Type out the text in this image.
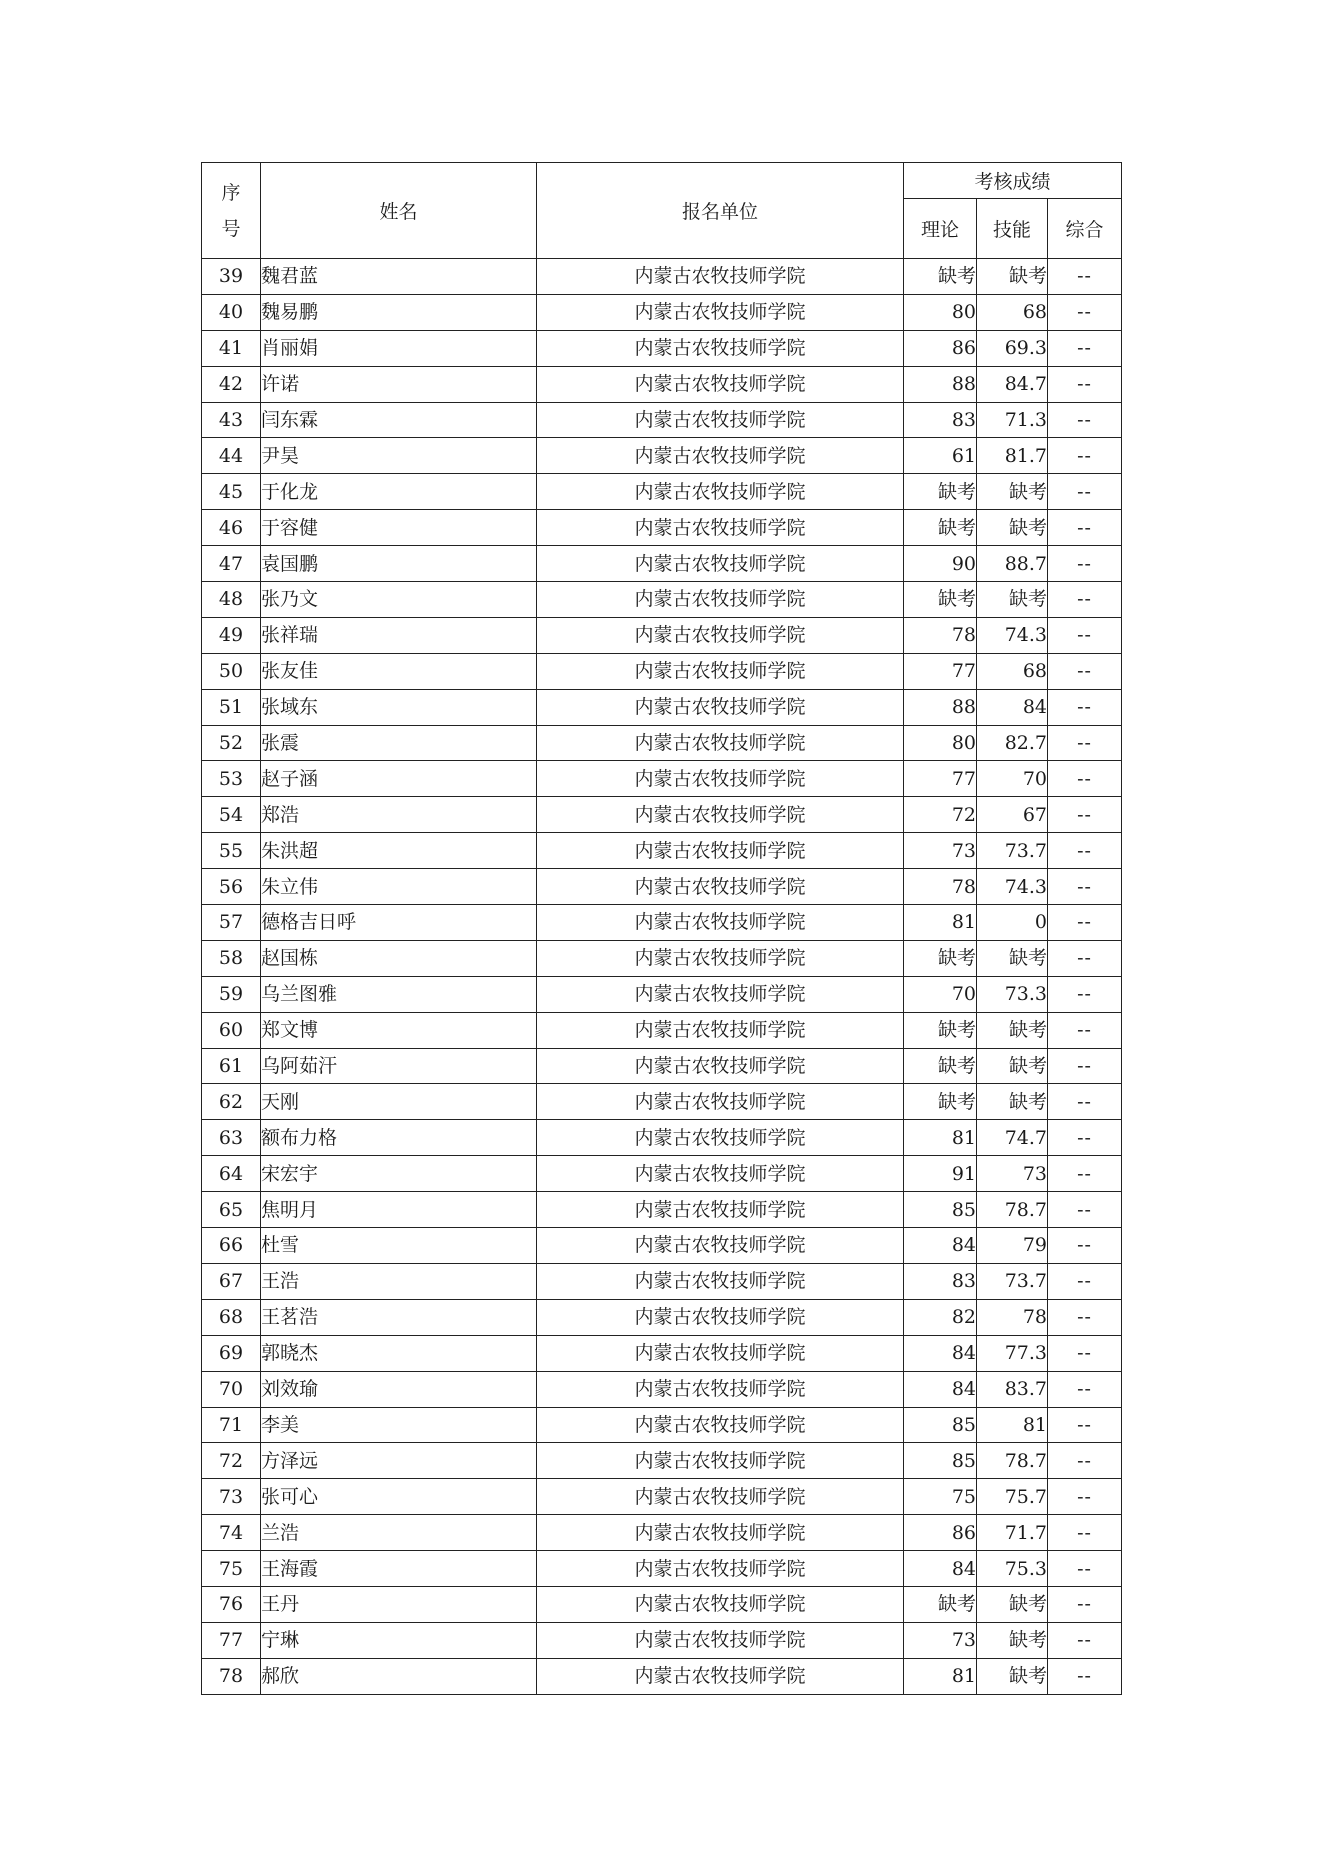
序
号	姓名	报名单位	考核成绩		
			理论	技能	综合
39	魏君蓝	内蒙古农牧技师学院	缺考	缺考	--
40	魏易鹏	内蒙古农牧技师学院	80	68	--
41	肖丽娟	内蒙古农牧技师学院	86	69.3	--
42	许诺	内蒙古农牧技师学院	88	84.7	--
43	闫东霖	内蒙古农牧技师学院	83	71.3	--
44	尹昊	内蒙古农牧技师学院	61	81.7	--
45	于化龙	内蒙古农牧技师学院	缺考	缺考	--
46	于容健	内蒙古农牧技师学院	缺考	缺考	--
47	袁国鹏	内蒙古农牧技师学院	90	88.7	--
48	张乃文	内蒙古农牧技师学院	缺考	缺考	--
49	张祥瑞	内蒙古农牧技师学院	78	74.3	--
50	张友佳	内蒙古农牧技师学院	77	68	--
51	张域东	内蒙古农牧技师学院	88	84	--
52	张震	内蒙古农牧技师学院	80	82.7	--
53	赵子涵	内蒙古农牧技师学院	77	70	--
54	郑浩	内蒙古农牧技师学院	72	67	--
55	朱洪超	内蒙古农牧技师学院	73	73.7	--
56	朱立伟	内蒙古农牧技师学院	78	74.3	--
57	德格吉日呼	内蒙古农牧技师学院	81	0	--
58	赵国栋	内蒙古农牧技师学院	缺考	缺考	--
59	乌兰图雅	内蒙古农牧技师学院	70	73.3	--
60	郑文博	内蒙古农牧技师学院	缺考	缺考	--
61	乌阿茹汗	内蒙古农牧技师学院	缺考	缺考	--
62	天刚	内蒙古农牧技师学院	缺考	缺考	--
63	额布力格	内蒙古农牧技师学院	81	74.7	--
64	宋宏宇	内蒙古农牧技师学院	91	73	--
65	焦明月	内蒙古农牧技师学院	85	78.7	--
66	杜雪	内蒙古农牧技师学院	84	79	--
67	王浩	内蒙古农牧技师学院	83	73.7	--
68	王茗浩	内蒙古农牧技师学院	82	78	--
69	郭晓杰	内蒙古农牧技师学院	84	77.3	--
70	刘效瑜	内蒙古农牧技师学院	84	83.7	--
71	李美	内蒙古农牧技师学院	85	81	--
72	方泽远	内蒙古农牧技师学院	85	78.7	--
73	张可心	内蒙古农牧技师学院	75	75.7	--
74	兰浩	内蒙古农牧技师学院	86	71.7	--
75	王海霞	内蒙古农牧技师学院	84	75.3	--
76	王丹	内蒙古农牧技师学院	缺考	缺考	--
77	宁琳	内蒙古农牧技师学院	73	缺考	--
78	郝欣	内蒙古农牧技师学院	81	缺考	--
